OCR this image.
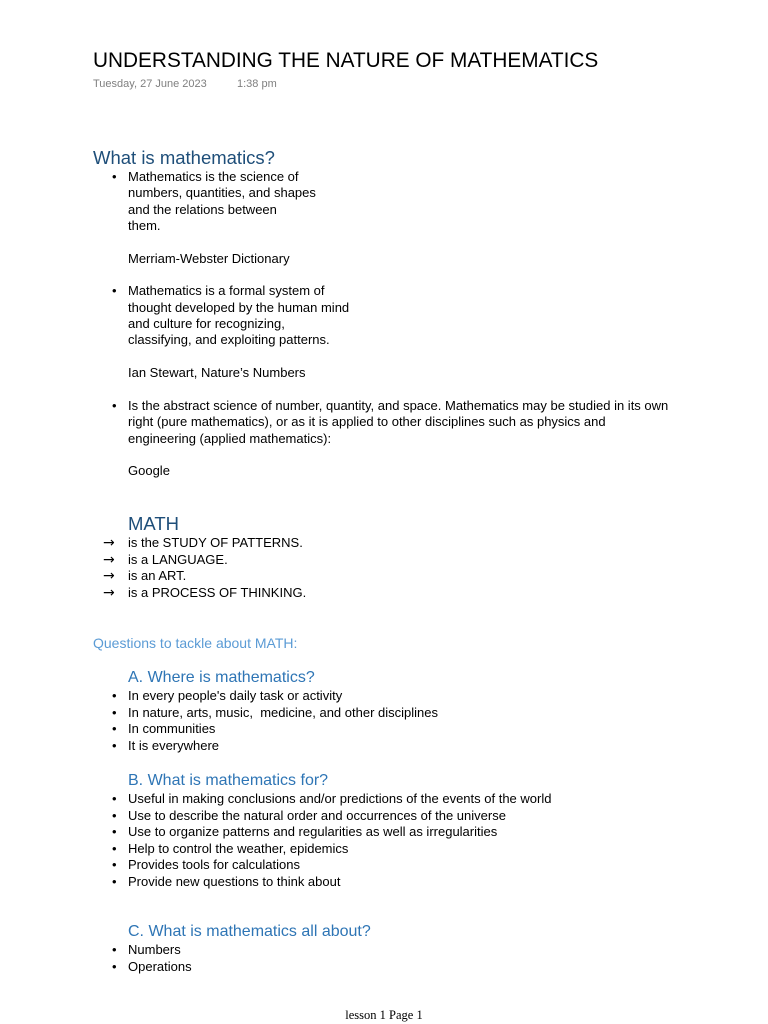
UNDERSTANDING THE NATURE OF MATHEMATICS
Tuesday, 27 June 2023	1:38 pm
What is mathematics?
• Mathematics is the science of
numbers, quantities, and shapes
and the relations between
them.
Merriam-Webster Dictionary
• Mathematics is a formal system of
thought developed by the human mind
and culture for recognizing,
classifying, and exploiting patterns.
Ian Stewart, Nature’s Numbers
• Is the abstract science of number, quantity, and space. Mathematics may be studied in its own
right (pure mathematics), or as it is applied to other disciplines such as physics and
engineering (applied mathematics):
Google
MATH
→ is the STUDY OF PATTERNS.
→ is a LANGUAGE.
→ is an ART.
→ is a PROCESS OF THINKING.
Questions to tackle about MATH:
A. Where is mathematics?
• In every people's daily task or activity
• In nature, arts, music,  medicine, and other disciplines
• In communities
• It is everywhere
B. What is mathematics for?
• Useful in making conclusions and/or predictions of the events of the world
• Use to describe the natural order and occurrences of the universe
• Use to organize patterns and regularities as well as irregularities
• Help to control the weather, epidemics
• Provides tools for calculations
• Provide new questions to think about
C. What is mathematics all about?
• Numbers
• Operations
lesson 1 Page 1
